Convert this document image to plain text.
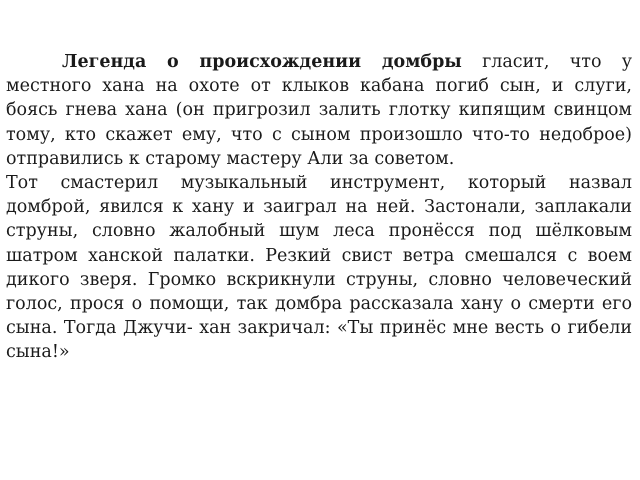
Легенда о происхождении домбры гласит, что у местного хана на охоте от клыков кабана погиб сын, и слуги, боясь гнева хана (он пригрозил залить глотку кипящим свинцом тому, кто скажет ему, что с сыном произошло что-то недоброе) отправились к старому мастеру Али за советом.

Тот смастерил музыкальный инструмент, который назвал домброй, явился к хану и заиграл на ней. Застонали, заплакали струны, словно жалобный шум леса пронёсся под шёлковым шатром ханской палатки. Резкий свист ветра смешался с воем дикого зверя. Громко вскрикнули струны, словно человеческий голос, прося о помощи, так домбра рассказала хану о смерти его сына. Тогда Джучи- хан закричал: «Ты принёс мне весть о гибели сына!»
